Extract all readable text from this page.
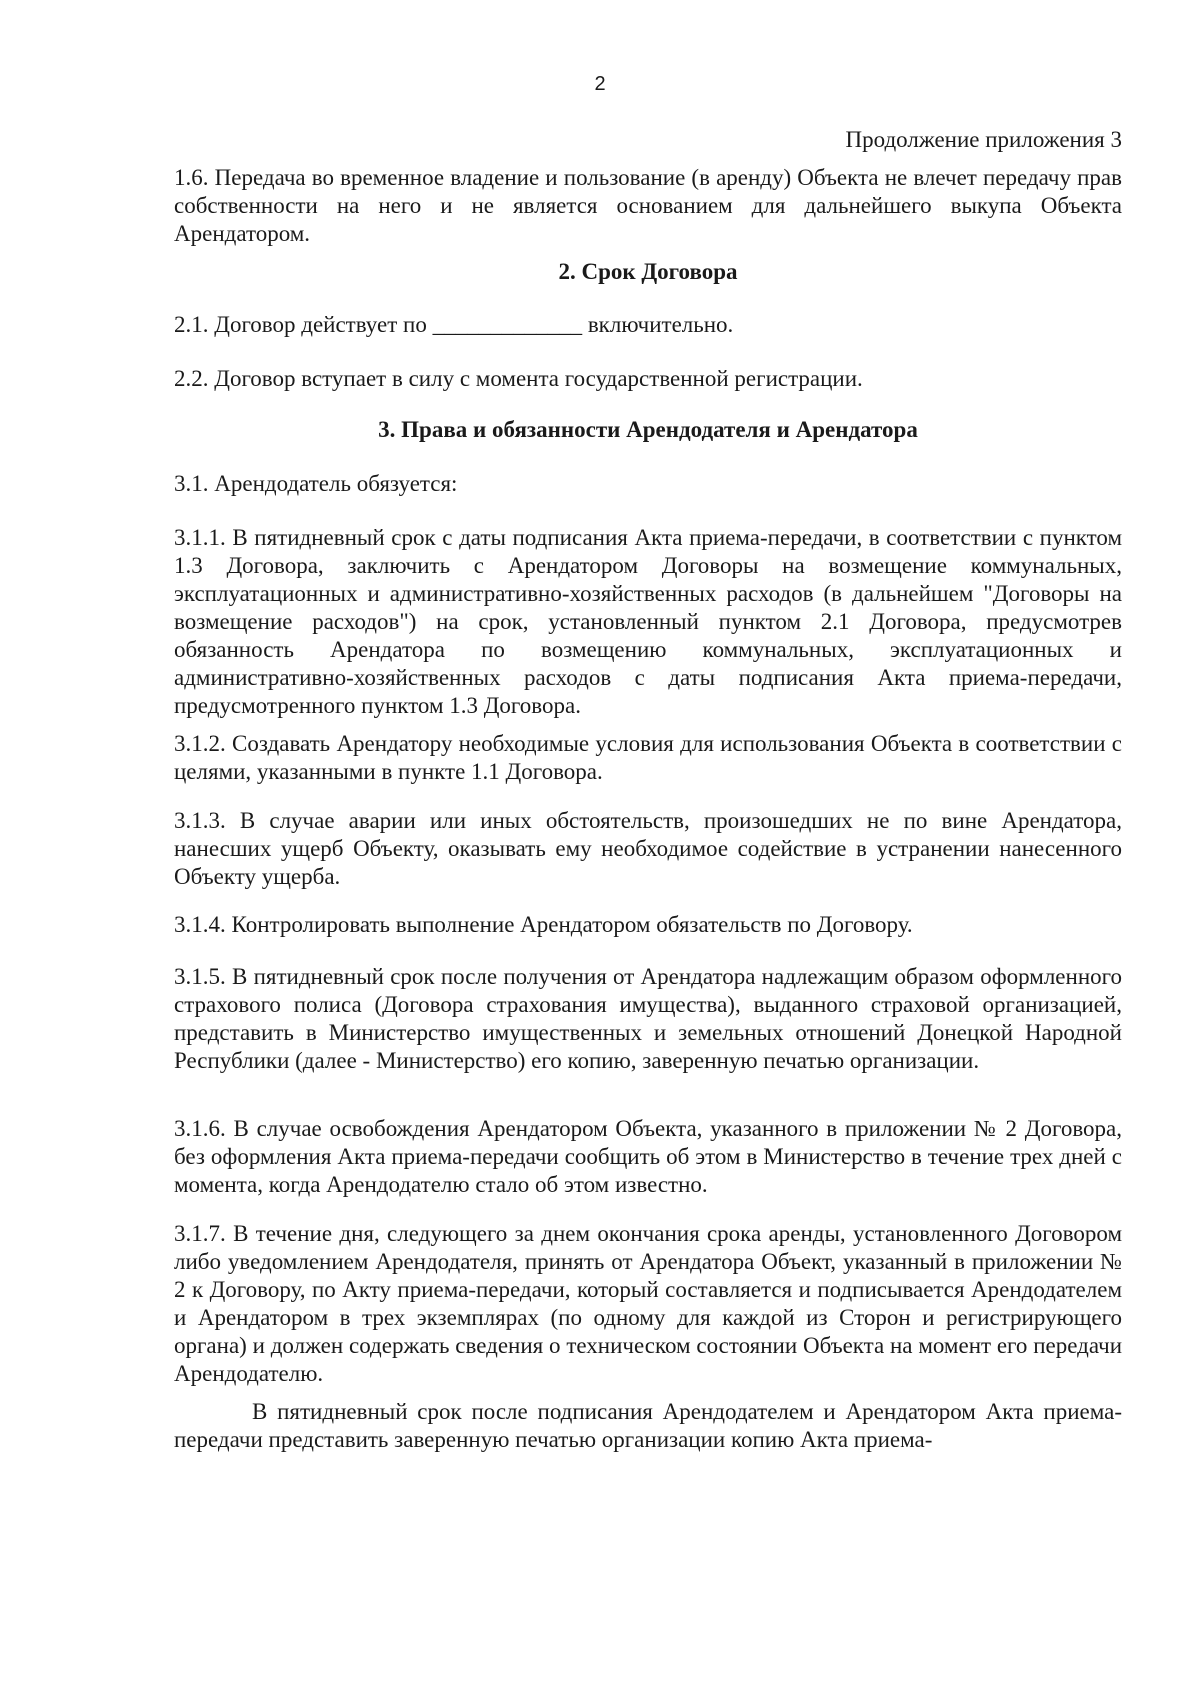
2
Продолжение приложения 3
1.6. Передача во временное владение и пользование (в аренду) Объекта не влечет передачу прав собственности на него и не является основанием для дальнейшего выкупа Объекта Арендатором.
2. Срок Договора
2.1. Договор действует по _____________ включительно.
2.2. Договор вступает в силу с момента государственной регистрации.
3. Права и обязанности Арендодателя и Арендатора
3.1. Арендодатель обязуется:
3.1.1. В пятидневный срок с даты подписания Акта приема-передачи, в соответствии с пунктом 1.3 Договора, заключить с Арендатором Договоры на возмещение коммунальных, эксплуатационных и административно-хозяйственных расходов (в дальнейшем "Договоры на возмещение расходов") на срок, установленный пунктом 2.1 Договора, предусмотрев обязанность Арендатора по возмещению коммунальных, эксплуатационных и административно-хозяйственных расходов с даты подписания Акта приема-передачи, предусмотренного пунктом 1.3 Договора.
3.1.2. Создавать Арендатору необходимые условия для использования Объекта в соответствии с целями, указанными в пункте 1.1 Договора.
3.1.3. В случае аварии или иных обстоятельств, произошедших не по вине Арендатора, нанесших ущерб Объекту, оказывать ему необходимое содействие в устранении нанесенного Объекту ущерба.
3.1.4. Контролировать выполнение Арендатором обязательств по Договору.
3.1.5. В пятидневный срок после получения от Арендатора надлежащим образом оформленного страхового полиса (Договора страхования имущества), выданного страховой организацией, представить в Министерство имущественных и земельных отношений Донецкой Народной Республики (далее - Министерство) его копию, заверенную печатью организации.
3.1.6. В случае освобождения Арендатором Объекта, указанного в приложении № 2 Договора, без оформления Акта приема-передачи сообщить об этом в Министерство в течение трех дней с момента, когда Арендодателю стало об этом известно.
3.1.7. В течение дня, следующего за днем окончания срока аренды, установленного Договором либо уведомлением Арендодателя, принять от Арендатора Объект, указанный в приложении № 2 к Договору, по Акту приема-передачи, который составляется и подписывается Арендодателем и Арендатором в трех экземплярах (по одному для каждой из Сторон и регистрирующего органа) и должен содержать сведения о техническом состоянии Объекта на момент его передачи Арендодателю.
В пятидневный срок после подписания Арендодателем и Арендатором Акта приема-передачи представить заверенную печатью организации копию Акта приема-
